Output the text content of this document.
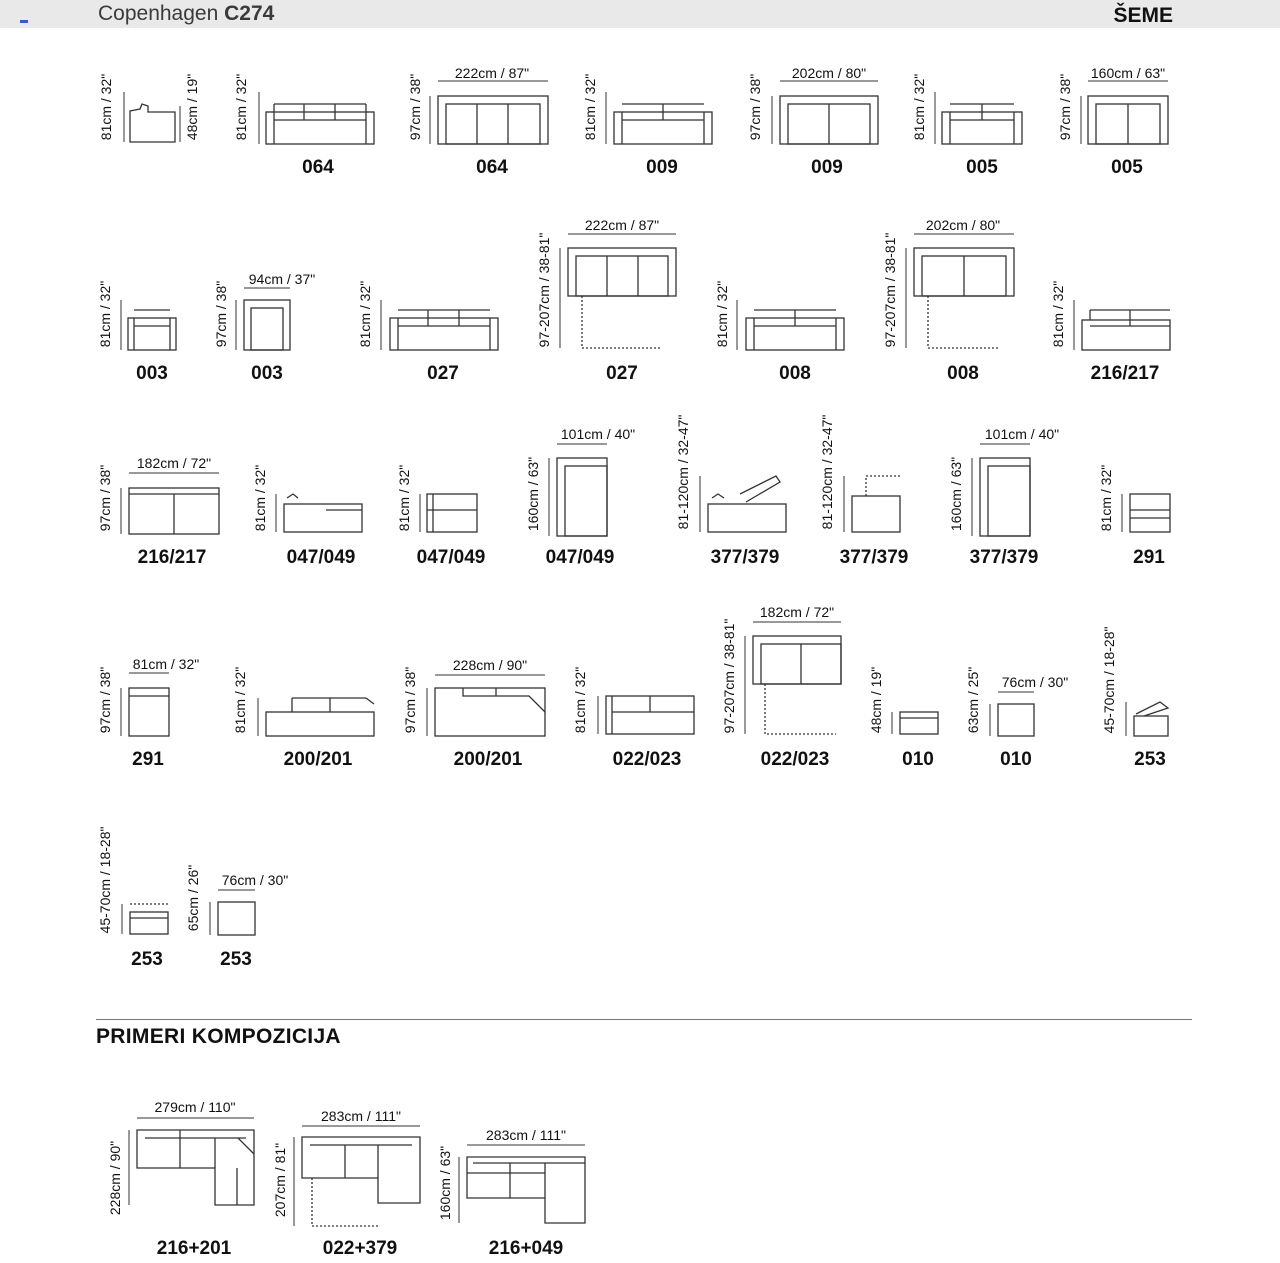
Copenhagen C274	ŠEME
PRIMERI KOMPOZICIJA
064	064	009	009	005	005
003	003	027	027	008	008	216/217
216/217	047/049	047/049	047/049	377/379	377/379	377/379	291
291	200/201	200/201	022/023	022/023	010	010	253
253	253
216+201	022+379	216+049
222cm / 87"	202cm / 80"	160cm / 63"
94cm / 37"
222cm / 87"	202cm / 80"
182cm / 72"
101cm / 40"	101cm / 40"
81cm / 32"	228cm / 90"
182cm / 72"
76cm / 30"
76cm / 30"
279cm / 110"
283cm / 111"
283cm / 111"
81cm / 32"	48cm / 19" 81cm / 32"	97cm / 38"	81cm / 32"	97cm / 38"	81cm / 32"	97cm / 38"
81cm / 32"	97cm / 38"	81cm / 32"	97-207cm / 38-81"	81cm / 32"	97-207cm / 38-81"	81cm / 32"
97cm / 38"	81cm / 32"	81cm / 32"	160cm / 63"	81-120cm / 32-47"	81-120cm / 32-47"	160cm / 63"	81cm / 32"
97cm / 38"	81cm / 32"	97cm / 38"	81cm / 32"	97-207cm / 38-81"	48cm / 19"	63cm / 25"	45-70cm / 18-28"
45-70cm / 18-28"	65cm / 26"
228cm / 90"	207cm / 81"	160cm / 63"
